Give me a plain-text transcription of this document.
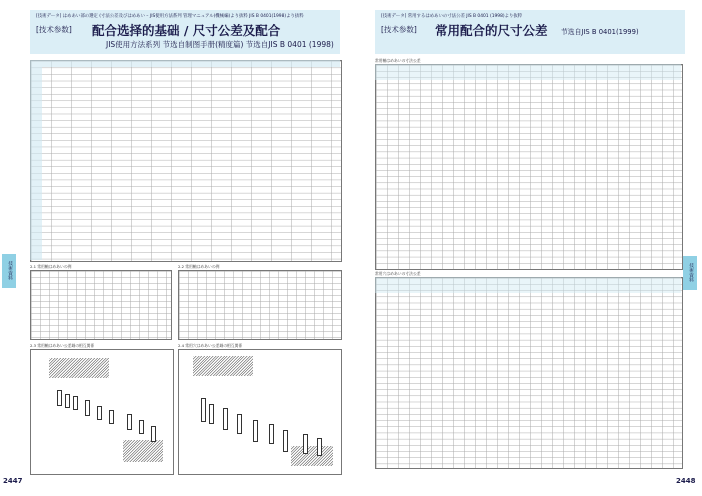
[技術データ] はめあい部の選定 (寸法公差及びはめあい – JIS使用方法系列 管理マニュアル(機械編)より抜粋 JIS B 0401(1998)より抜粋
[技术参数] 配合选择的基础 / 尺寸公差及配合
JIS使用方法系列 节选自制图手册(精度篇) 节选自JIS B 0401 (1998)
2.1 常用軸はめあいの例	2.2 常用軸はめあいの例
2.3 常用軸はめあい公差域の相互関係	2.4 常用穴はめあい公差域の相互関係
技術資料
2447
[技術データ] 常用するはめあいの寸法公差 JIS B 0401 (1998)より抜粋
[技术参数] 常用配合的尺寸公差 节选自JIS B 0401(1999)
常用軸はめあいの寸法公差
常用穴はめあいの寸法公差	技術資料
2448
